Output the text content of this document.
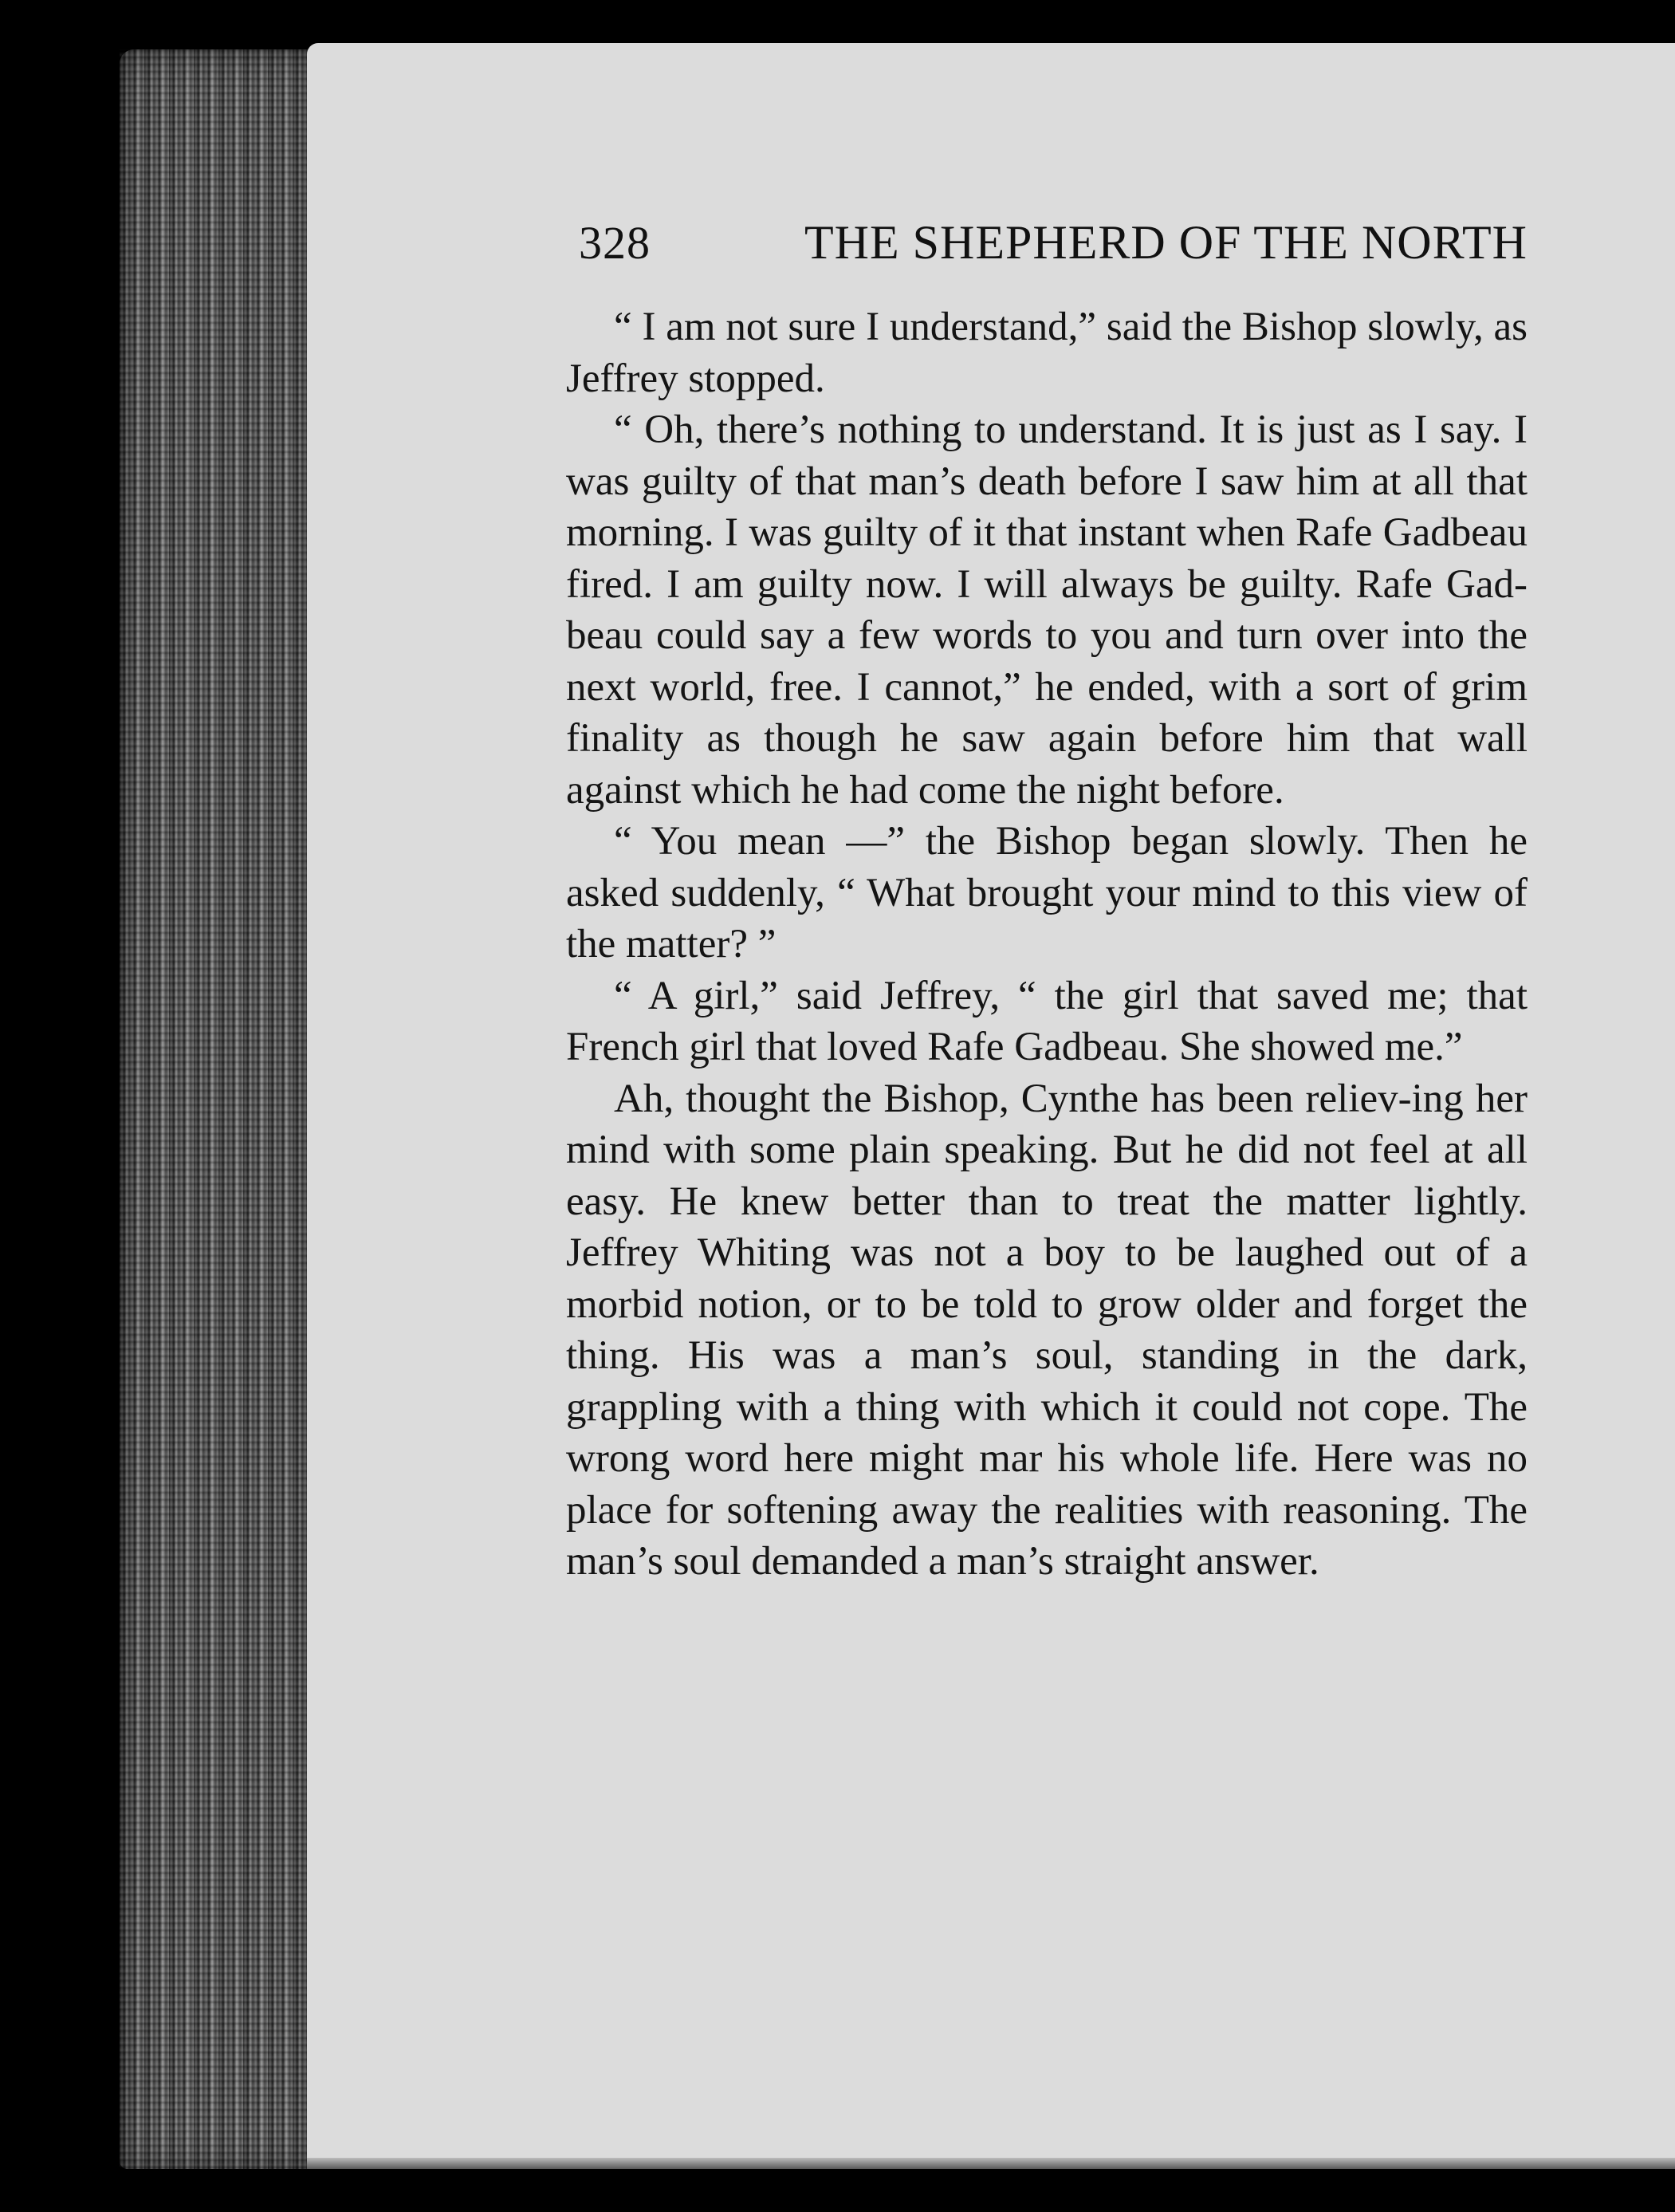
328	THE SHEPHERD OF THE NORTH

“ I am not sure I understand,” said the Bishop slowly, as Jeffrey stopped.

“ Oh, there’s nothing to understand. It is just as I say. I was guilty of that man’s death before I saw him at all that morning. I was guilty of it that instant when Rafe Gadbeau fired. I am guilty now. I will always be guilty. Rafe Gad-beau could say a few words to you and turn over into the next world, free. I cannot,” he ended, with a sort of grim finality as though he saw again before him that wall against which he had come the night before.

“ You mean —” the Bishop began slowly. Then he asked suddenly, “ What brought your mind to this view of the matter? ”

“ A girl,” said Jeffrey, “ the girl that saved me; that French girl that loved Rafe Gadbeau. She showed me.”

Ah, thought the Bishop, Cynthe has been reliev-ing her mind with some plain speaking. But he did not feel at all easy. He knew better than to treat the matter lightly. Jeffrey Whiting was not a boy to be laughed out of a morbid notion, or to be told to grow older and forget the thing. His was a man’s soul, standing in the dark, grappling with a thing with which it could not cope. The wrong word here might mar his whole life. Here was no place for softening away the realities with reasoning. The man’s soul demanded a man’s straight answer.
